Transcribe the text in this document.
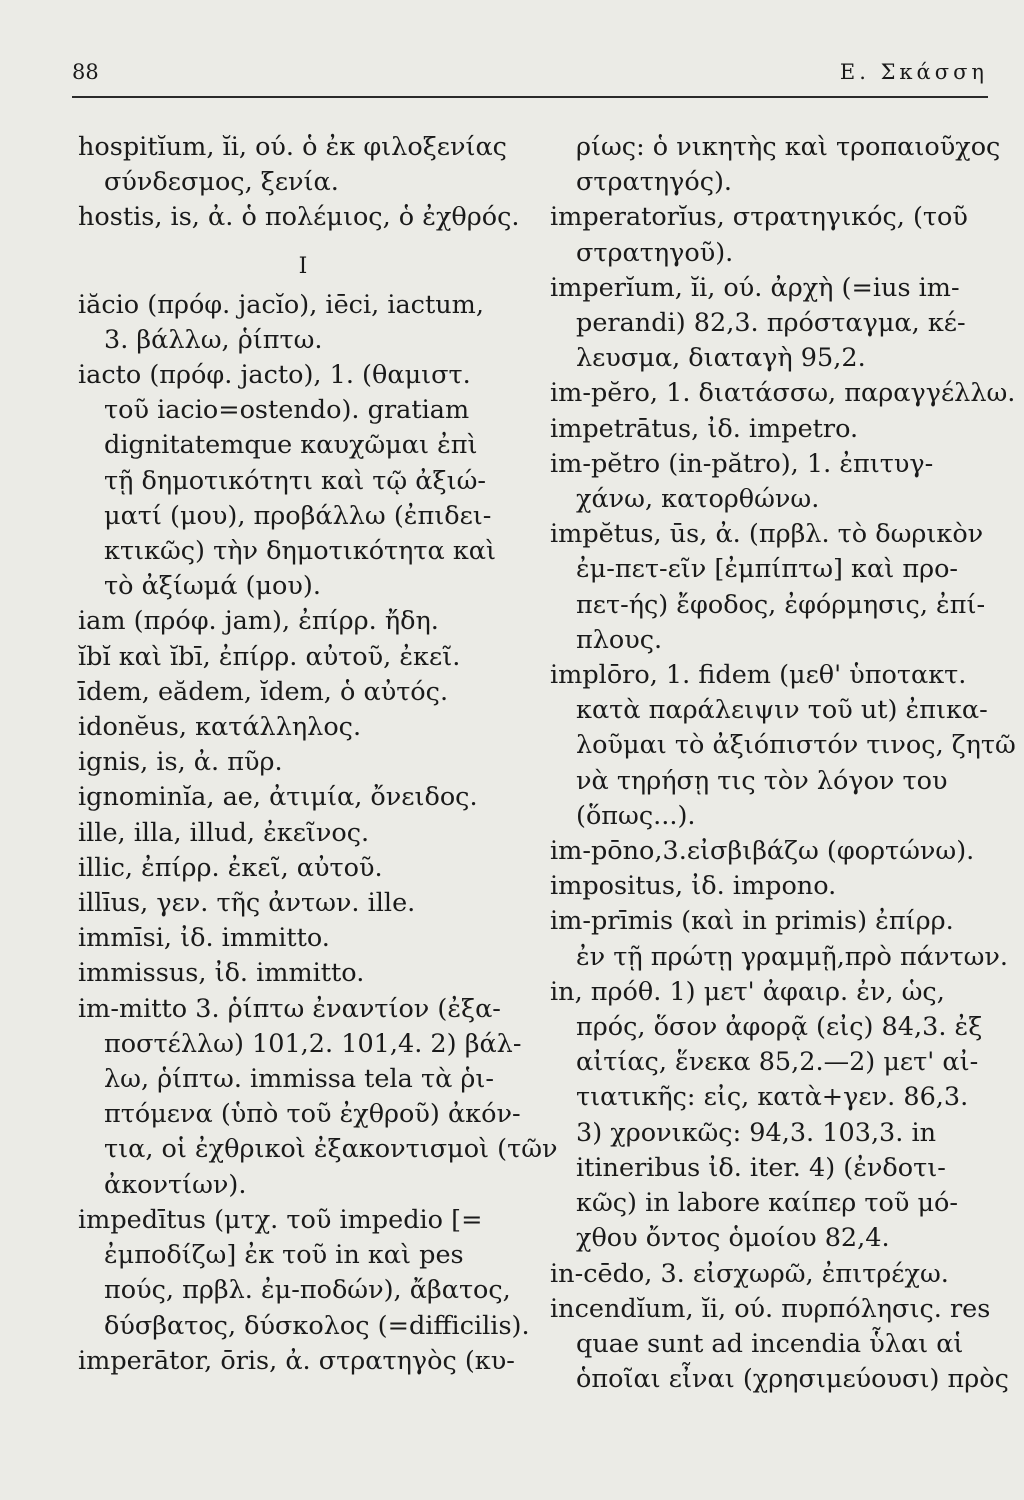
88	Ε. Σκάσση
hospitĭum, ĭi, ού. ὁ ἐκ φιλοξενίας
σύνδεσμος, ξενία.
hostis, is, ἀ. ὁ πολέμιος, ὁ ἐχθρός.
I
iăcio (πρόφ. jacĭo), iēci, iactum,
3. βάλλω, ῥίπτω.
iacto (πρόφ. jacto), 1. (θαμιστ.
τοῦ iacio=ostendo). gratiam
dignitatemque καυχῶμαι ἐπὶ
τῇ δημοτικότητι καὶ τῷ ἀξιώ-
ματί (μου), προβάλλω (ἐπιδει-
κτικῶς) τὴν δημοτικότητα καὶ
τὸ ἀξίωμά (μου).
iam (πρόφ. jam), ἐπίρρ. ἤδη.
ĭbĭ καὶ ĭbī, ἐπίρρ. αὐτοῦ, ἐκεῖ.
īdem, eădem, ĭdem, ὁ αὐτός.
idonĕus, κατάλληλος.
ignis, is, ἀ. πῦρ.
ignominĭa, ae, ἀτιμία, ὄνειδος.
ille, illa, illud, ἐκεῖνος.
illic, ἐπίρρ. ἐκεῖ, αὐτοῦ.
illīus, γεν. τῆς ἀντων. ille.
immīsi, ἰδ. immitto.
immissus, ἰδ. immitto.
im-mitto 3. ῥίπτω ἐναντίον (ἐξα-
ποστέλλω) 101,2. 101,4. 2) βάλ-
λω, ῥίπτω. immissa tela τὰ ῥι-
πτόμενα (ὑπὸ τοῦ ἐχθροῦ) ἀκόν-
τια, οἱ ἐχθρικοὶ ἐξακοντισμοὶ (τῶν
ἀκοντίων).
impedītus (μτχ. τοῦ impedio [=
ἐμποδίζω] ἐκ τοῦ in καὶ pes
πούς, πρβλ. ἐμ-ποδών), ἄβατος,
δύσβατος, δύσκολος (=difficilis).
imperātor, ōris, ἀ. στρατηγὸς (κυ-
ρίως: ὁ νικητὴς καὶ τροπαιοῦχος
στρατηγός).
imperatorĭus, στρατηγικός, (τοῦ
στρατηγοῦ).
imperĭum, ĭi, ού. ἀρχὴ (=ius im-
perandi) 82,3. πρόσταγμα, κέ-
λευσμα, διαταγὴ 95,2.
im-pĕro, 1. διατάσσω, παραγγέλλω.
impetrātus, ἰδ. impetro.
im-pĕtro (in-pătro), 1. ἐπιτυγ-
χάνω, κατορθώνω.
impĕtus, ūs, ἀ. (πρβλ. τὸ δωρικὸν
ἐμ-πετ-εῖν [ἐμπίπτω] καὶ προ-
πετ-ής) ἔφοδος, ἐφόρμησις, ἐπί-
πλους.
implōro, 1. fidem (μεθ' ὑποτακτ.
κατὰ παράλειψιν τοῦ ut) ἐπικα-
λοῦμαι τὸ ἀξιόπιστόν τινος, ζητῶ
νὰ τηρήσῃ τις τὸν λόγον του
(ὅπως...).
im-pōno,3.εἰσβιβάζω (φορτώνω).
impositus, ἰδ. impono.
im-prīmis (καὶ in primis) ἐπίρρ.
ἐν τῇ πρώτῃ γραμμῇ,πρὸ πάντων.
in, πρόθ. 1) μετ' ἀφαιρ. ἐν, ὡς,
πρός, ὅσον ἀφορᾷ (εἰς) 84,3. ἐξ
αἰτίας, ἕνεκα 85,2.—2) μετ' αἰ-
τιατικῆς: εἰς, κατὰ+γεν. 86,3.
3) χρονικῶς: 94,3. 103,3. in
itineribus ἰδ. iter. 4) (ἐνδοτι-
κῶς) in labore καίπερ τοῦ μό-
χθου ὄντος ὁμοίου 82,4.
in-cēdo, 3. εἰσχωρῶ, ἐπιτρέχω.
incendĭum, ĭi, ού. πυρπόλησις. res
quae sunt ad incendia ὗλαι αἱ
ὁποῖαι εἶναι (χρησιμεύουσι) πρὸς
